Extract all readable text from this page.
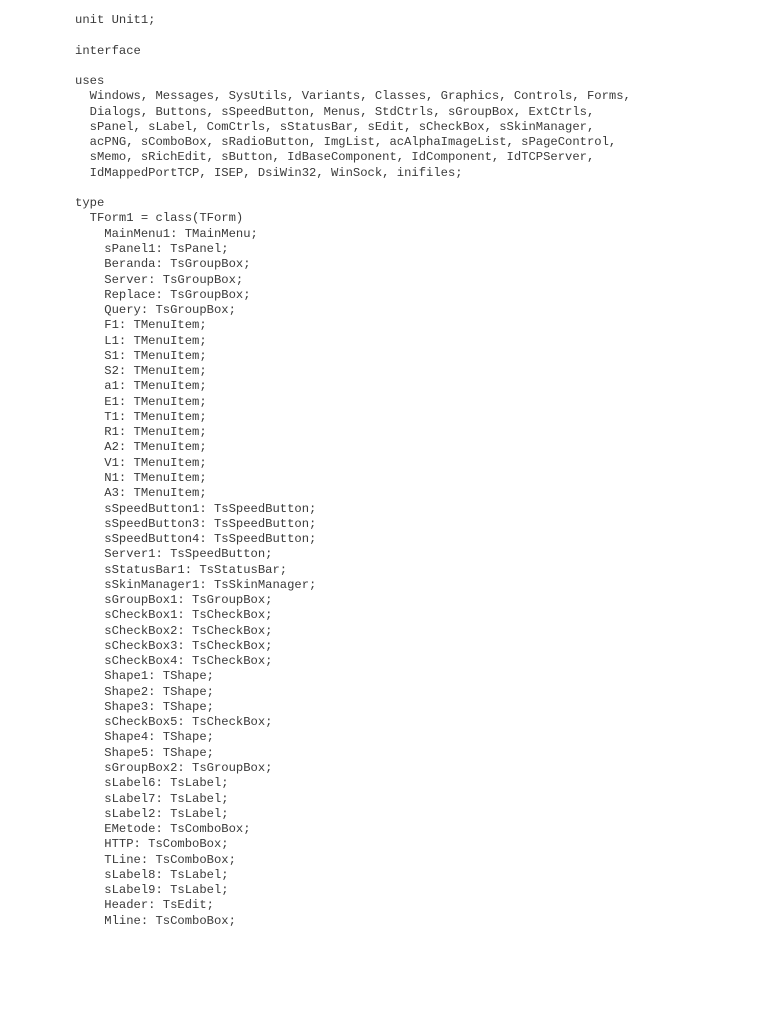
unit Unit1;
interface
uses
Windows, Messages, SysUtils, Variants, Classes, Graphics, Controls, Forms,
Dialogs, Buttons, sSpeedButton, Menus, StdCtrls, sGroupBox, ExtCtrls,
sPanel, sLabel, ComCtrls, sStatusBar, sEdit, sCheckBox, sSkinManager,
acPNG, sComboBox, sRadioButton, ImgList, acAlphaImageList, sPageControl,
sMemo, sRichEdit, sButton, IdBaseComponent, IdComponent, IdTCPServer,
IdMappedPortTCP, ISEP, DsiWin32, WinSock, inifiles;
type
TForm1 = class(TForm)
MainMenu1: TMainMenu;
sPanel1: TsPanel;
Beranda: TsGroupBox;
Server: TsGroupBox;
Replace: TsGroupBox;
Query: TsGroupBox;
F1: TMenuItem;
L1: TMenuItem;
S1: TMenuItem;
S2: TMenuItem;
a1: TMenuItem;
E1: TMenuItem;
T1: TMenuItem;
R1: TMenuItem;
A2: TMenuItem;
V1: TMenuItem;
N1: TMenuItem;
A3: TMenuItem;
sSpeedButton1: TsSpeedButton;
sSpeedButton3: TsSpeedButton;
sSpeedButton4: TsSpeedButton;
Server1: TsSpeedButton;
sStatusBar1: TsStatusBar;
sSkinManager1: TsSkinManager;
sGroupBox1: TsGroupBox;
sCheckBox1: TsCheckBox;
sCheckBox2: TsCheckBox;
sCheckBox3: TsCheckBox;
sCheckBox4: TsCheckBox;
Shape1: TShape;
Shape2: TShape;
Shape3: TShape;
sCheckBox5: TsCheckBox;
Shape4: TShape;
Shape5: TShape;
sGroupBox2: TsGroupBox;
sLabel6: TsLabel;
sLabel7: TsLabel;
sLabel2: TsLabel;
EMetode: TsComboBox;
HTTP: TsComboBox;
TLine: TsComboBox;
sLabel8: TsLabel;
sLabel9: TsLabel;
Header: TsEdit;
Mline: TsComboBox;
